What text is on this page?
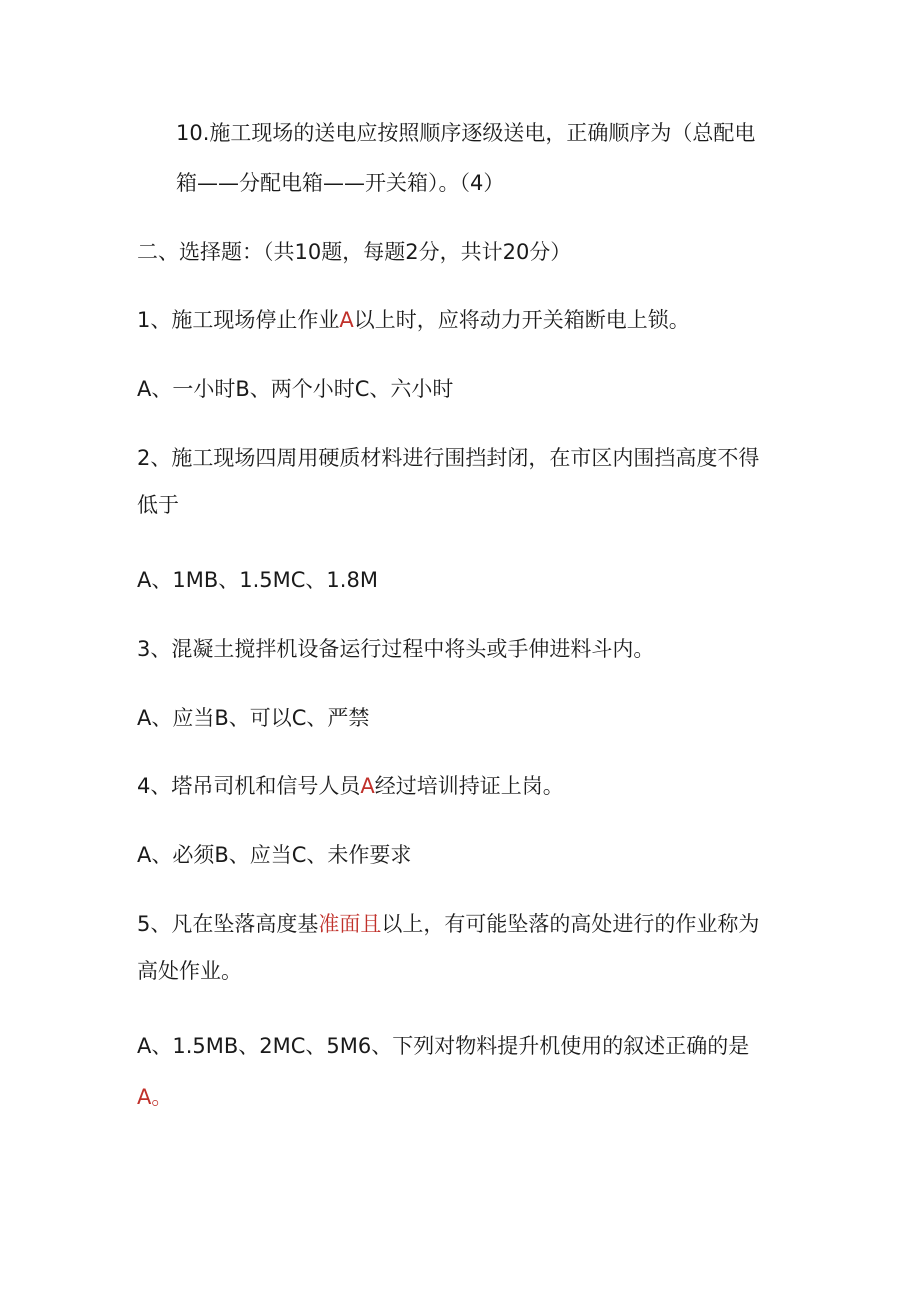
10.施工现场的送电应按照顺序逐级送电，正确顺序为（总配电
箱——分配电箱——开关箱）。（4）
二、选择题：（共10题，每题2分，共计20分）
1、施工现场停止作业A以上时，应将动力开关箱断电上锁。
A、一小时B、两个小时C、六小时
2、施工现场四周用硬质材料进行围挡封闭，在市区内围挡高度不得
低于
A、1MB、1.5MC、1.8M
3、混凝土搅拌机设备运行过程中将头或手伸进料斗内。
A、应当B、可以C、严禁
4、塔吊司机和信号人员A经过培训持证上岗。
A、必须B、应当C、未作要求
5、凡在坠落高度基准面且以上，有可能坠落的高处进行的作业称为
高处作业。
A、1.5MB、2MC、5M6、下列对物料提升机使用的叙述正确的是
A。
